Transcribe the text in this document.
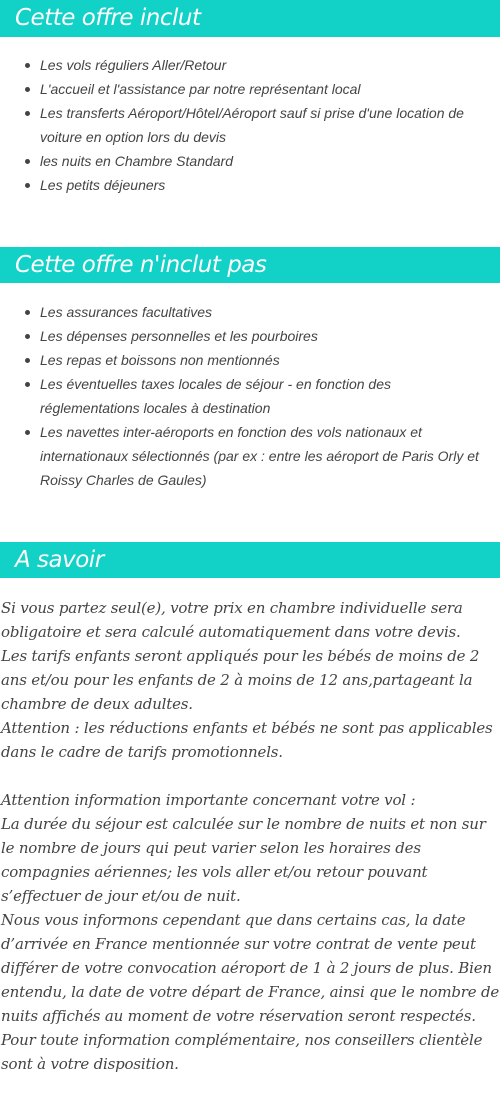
Cette offre inclut
Les vols réguliers Aller/Retour
L'accueil et l'assistance par notre représentant local
Les transferts Aéroport/Hôtel/Aéroport sauf si prise d'une location de voiture en option lors du devis
les nuits en Chambre Standard
Les petits déjeuners
Cette offre n'inclut pas
Les assurances facultatives
Les dépenses personnelles et les pourboires
Les repas et boissons non mentionnés
Les éventuelles taxes locales de séjour - en fonction des réglementations locales à destination
Les navettes inter-aéroports en fonction des vols nationaux et internationaux sélectionnés (par ex : entre les aéroport de Paris Orly et Roissy Charles de Gaules)
A savoir

Si vous partez seul(e), votre prix en chambre individuelle sera obligatoire et sera calculé automatiquement dans votre devis.

Les tarifs enfants seront appliqués pour les bébés de moins de 2 ans et/ou pour les enfants de 2 à moins de 12 ans,partageant la chambre de deux adultes.

Attention : les réductions enfants et bébés ne sont pas applicables dans le cadre de tarifs promotionnels.

Attention information importante concernant votre vol :

La durée du séjour est calculée sur le nombre de nuits et non sur le nombre de jours qui peut varier selon les horaires des compagnies aériennes; les vols aller et/ou retour pouvant s’effectuer de jour et/ou de nuit.

Nous vous informons cependant que dans certains cas, la date d’arrivée en France mentionnée sur votre contrat de vente peut différer de votre convocation aéroport de 1 à 2 jours de plus. Bien entendu, la date de votre départ de France, ainsi que le nombre de nuits affichés au moment de votre réservation seront respectés.

Pour toute information complémentaire, nos conseillers clientèle sont à votre disposition.
